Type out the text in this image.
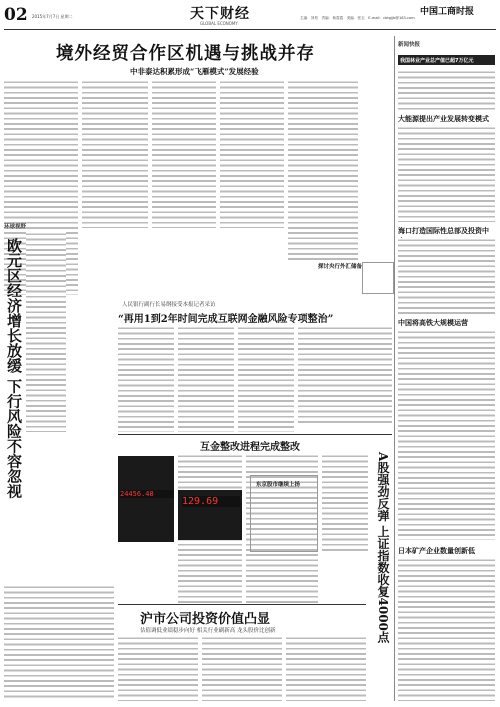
02 2015年7月7日 星期二	天下财经
GLOBAL ECONOMY
中国工商时报
主编：刘易　责编：杨春霞　美编：张玉　E-mail：cbtgjjb@163.com
境外经贸合作区机遇与挑战并存
中非泰达积累形成“飞雁模式”发展经验
新闻快报
我国林业产业总产值已超7万亿元
大能源提出产业发展转变模式
海口打造国际性总部及投资中
中国将高铁大规模运营
日本矿产企业数量创新低
环球视野
欧元区经济增长放缓 下行风险不容忽视	人民银行副行长易纲接受本报记者采访
“再用1到2年时间完成互联网金融风险专项整治”
探讨央行外汇储备
互金整改进程完成整改
东京股市继续上扬
24456.48
129.69	A股强劲反弹 上证指数收复4000点
沪市公司投资价值凸显
估值调低业绩稳步向好 相关行业刷新高 龙头股价比创新
